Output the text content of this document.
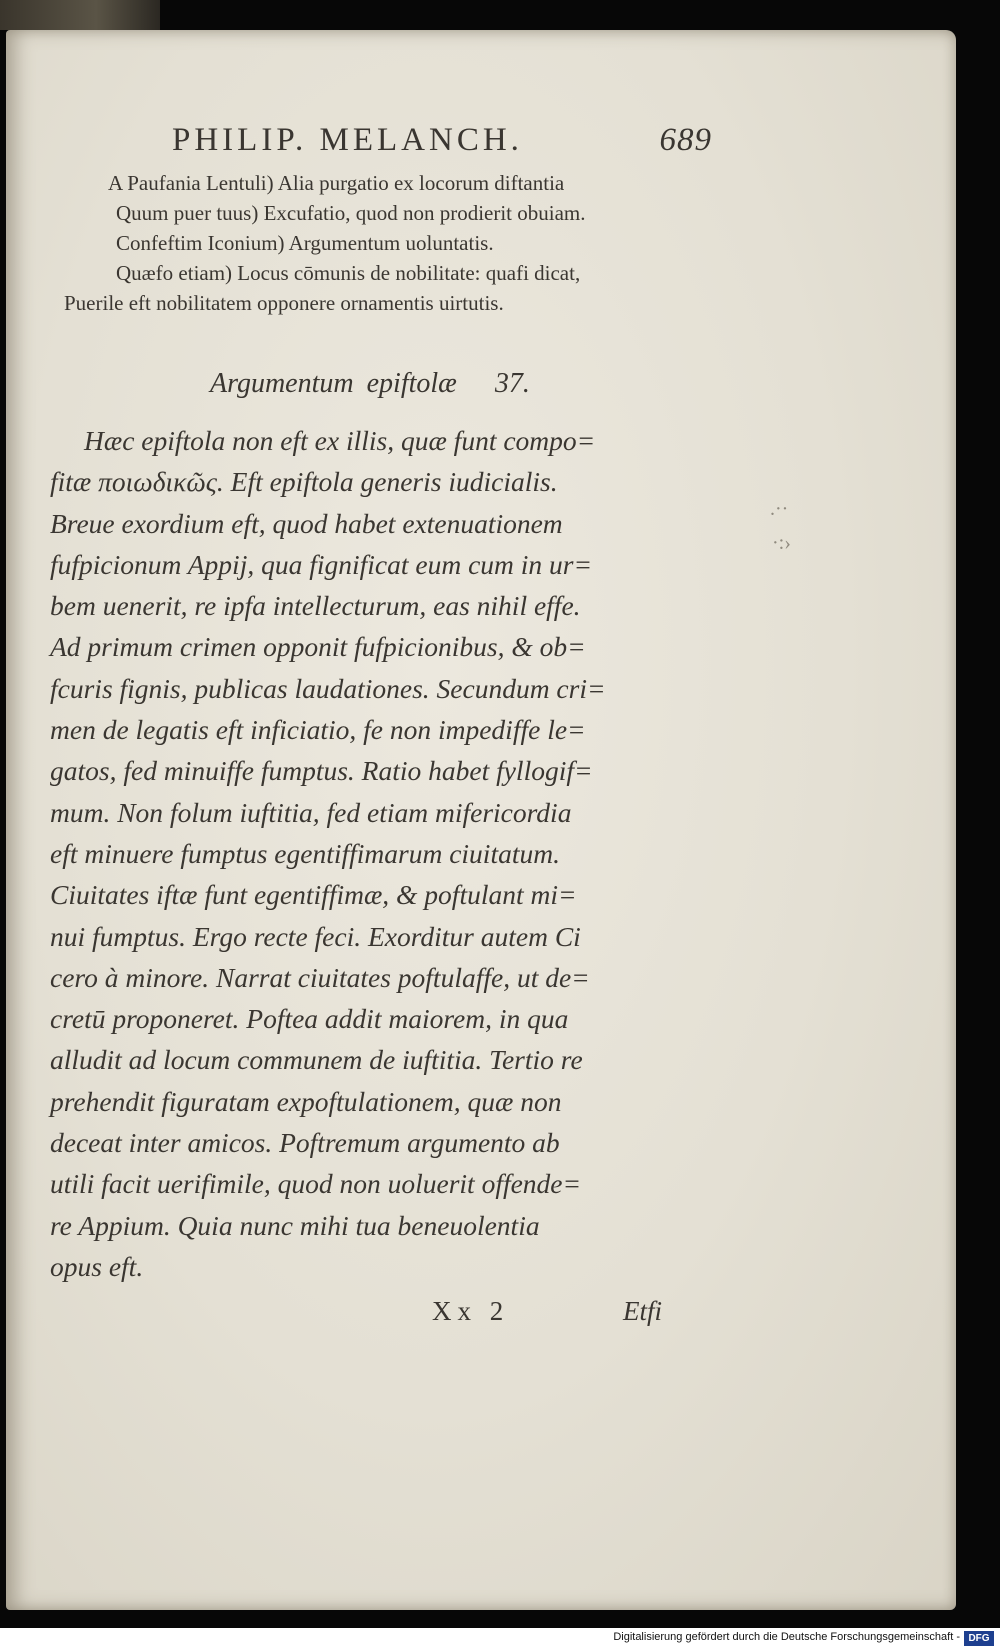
PHILIP. MELANCH.	689
A Paufania Lentuli) Alia purgatio ex locorum diftantia
Quum puer tuus) Excufatio, quod non prodierit obuiam.
Confeftim Iconium) Argumentum uoluntatis.
Quæfo etiam) Locus cōmunis de nobilitate: quafi dicat,
Puerile eft nobilitatem opponere ornamentis uirtutis.
Argumentum epiftolæ 37.
Hæc epiftola non eft ex illis, quæ funt compo=
fitæ ποιωδικῶς. Eft epiftola generis iudicialis.
Breue exordium eft, quod habet extenuationem
fufpicionum Appij, qua fignificat eum cum in ur=
bem uenerit, re ipfa intellecturum, eas nihil effe.
Ad primum crimen opponit fufpicionibus, & ob=
fcuris fignis, publicas laudationes. Secundum cri=
men de legatis eft inficiatio, fe non impediffe le=
gatos, fed minuiffe fumptus. Ratio habet fyllogif=
mum. Non folum iuftitia, fed etiam mifericordia
eft minuere fumptus egentiffimarum ciuitatum.
Ciuitates iftæ funt egentiffimæ, & poftulant mi=
nui fumptus. Ergo recte feci. Exorditur autem Ci
cero à minore. Narrat ciuitates poftulaffe, ut de=
cretū proponeret. Poftea addit maiorem, in qua
alludit ad locum communem de iuftitia. Tertio re
prehendit figuratam expoftulationem, quæ non
deceat inter amicos. Poftremum argumento ab
utili facit uerifimile, quod non uoluerit offende=
re Appium. Quia nunc mihi tua beneuolentia
opus eft.
.··
·:›
Xx 2	Etfi
Digitalisierung gefördert durch die Deutsche Forschungsgemeinschaft - DFG
